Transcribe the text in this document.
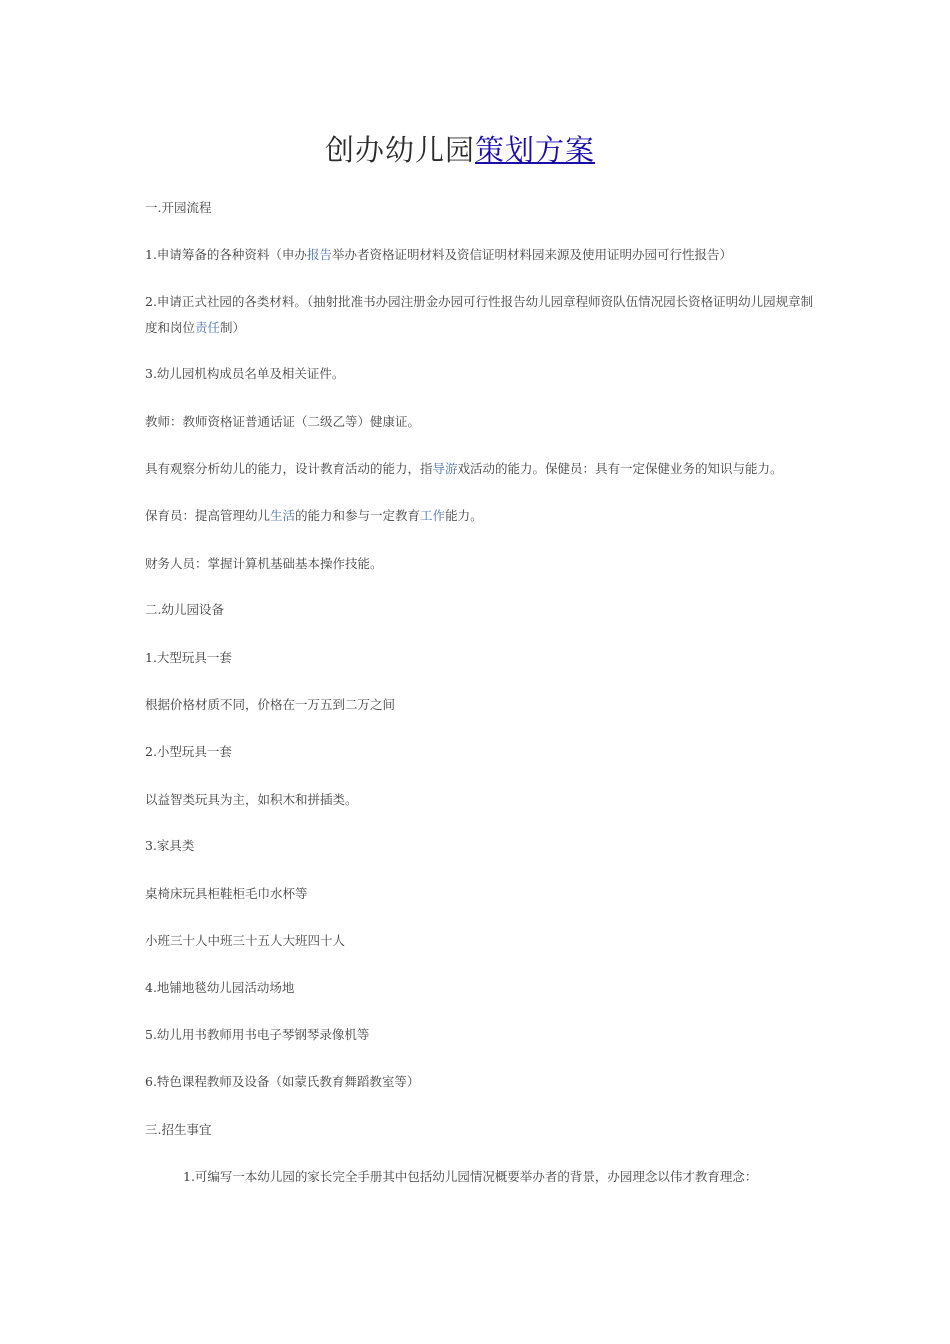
创办幼儿园策划方案
一.开园流程
1.申请筹备的各种资料（申办报告举办者资格证明材料及资信证明材料园来源及使用证明办园可行性报告）
2.申请正式社园的各类材料。（抽射批准书办园注册金办园可行性报告幼儿园章程师资队伍情况园长资格证明幼儿园规章制度和岗位责任制）
3.幼儿园机构成员名单及相关证件。
教师：教师资格证普通话证（二级乙等）健康证。
具有观察分析幼儿的能力，设计教育活动的能力，指导游戏活动的能力。保健员：具有一定保健业务的知识与能力。
保育员：提高管理幼儿生活的能力和参与一定教育工作能力。
财务人员：掌握计算机基础基本操作技能。
二.幼儿园设备
1.大型玩具一套
根据价格材质不同，价格在一万五到二万之间
2.小型玩具一套
以益智类玩具为主，如积木和拼插类。
3.家具类
桌椅床玩具柜鞋柜毛巾水杯等
小班三十人中班三十五人大班四十人
4.地铺地毯幼儿园活动场地
5.幼儿用书教师用书电子琴钢琴录像机等
6.特色课程教师及设备（如蒙氏教育舞蹈教室等）
三.招生事宜
1.可编写一本幼儿园的家长完全手册其中包括幼儿园情况概要举办者的背景，办园理念以伟才教育理念：
